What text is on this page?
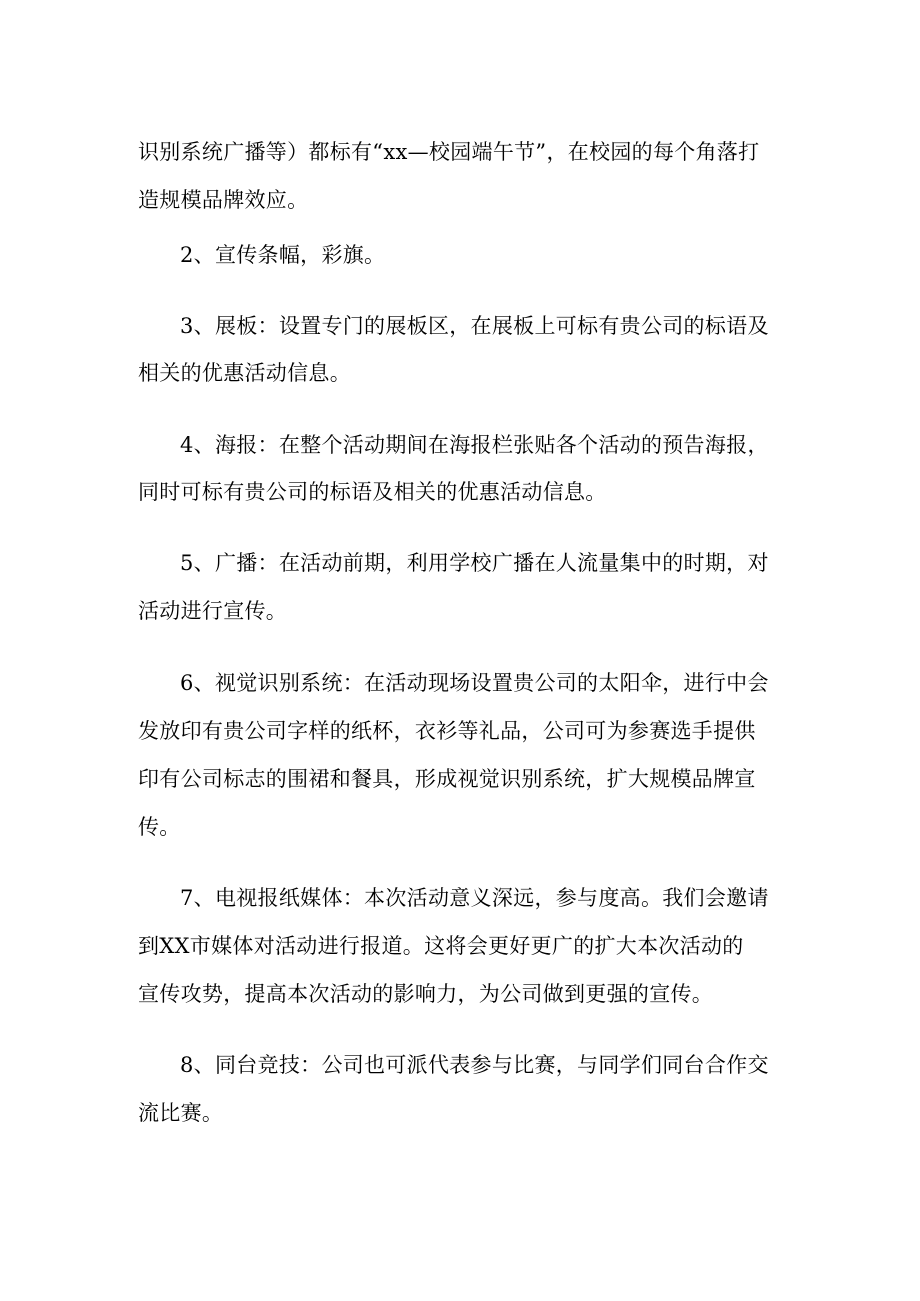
识别系统广播等）都标有“xx—校园端午节”，在校园的每个角落打

造规模品牌效应。

2、宣传条幅，彩旗。

3、展板：设置专门的展板区，在展板上可标有贵公司的标语及

相关的优惠活动信息。

4、海报：在整个活动期间在海报栏张贴各个活动的预告海报，

同时可标有贵公司的标语及相关的优惠活动信息。

5、广播：在活动前期，利用学校广播在人流量集中的时期，对

活动进行宣传。

6、视觉识别系统：在活动现场设置贵公司的太阳伞，进行中会

发放印有贵公司字样的纸杯，衣衫等礼品，公司可为参赛选手提供

印有公司标志的围裙和餐具，形成视觉识别系统，扩大规模品牌宣

传。

7、电视报纸媒体：本次活动意义深远，参与度高。我们会邀请

到XX市媒体对活动进行报道。这将会更好更广的扩大本次活动的

宣传攻势，提高本次活动的影响力，为公司做到更强的宣传。

8、同台竞技：公司也可派代表参与比赛，与同学们同台合作交

流比赛。
